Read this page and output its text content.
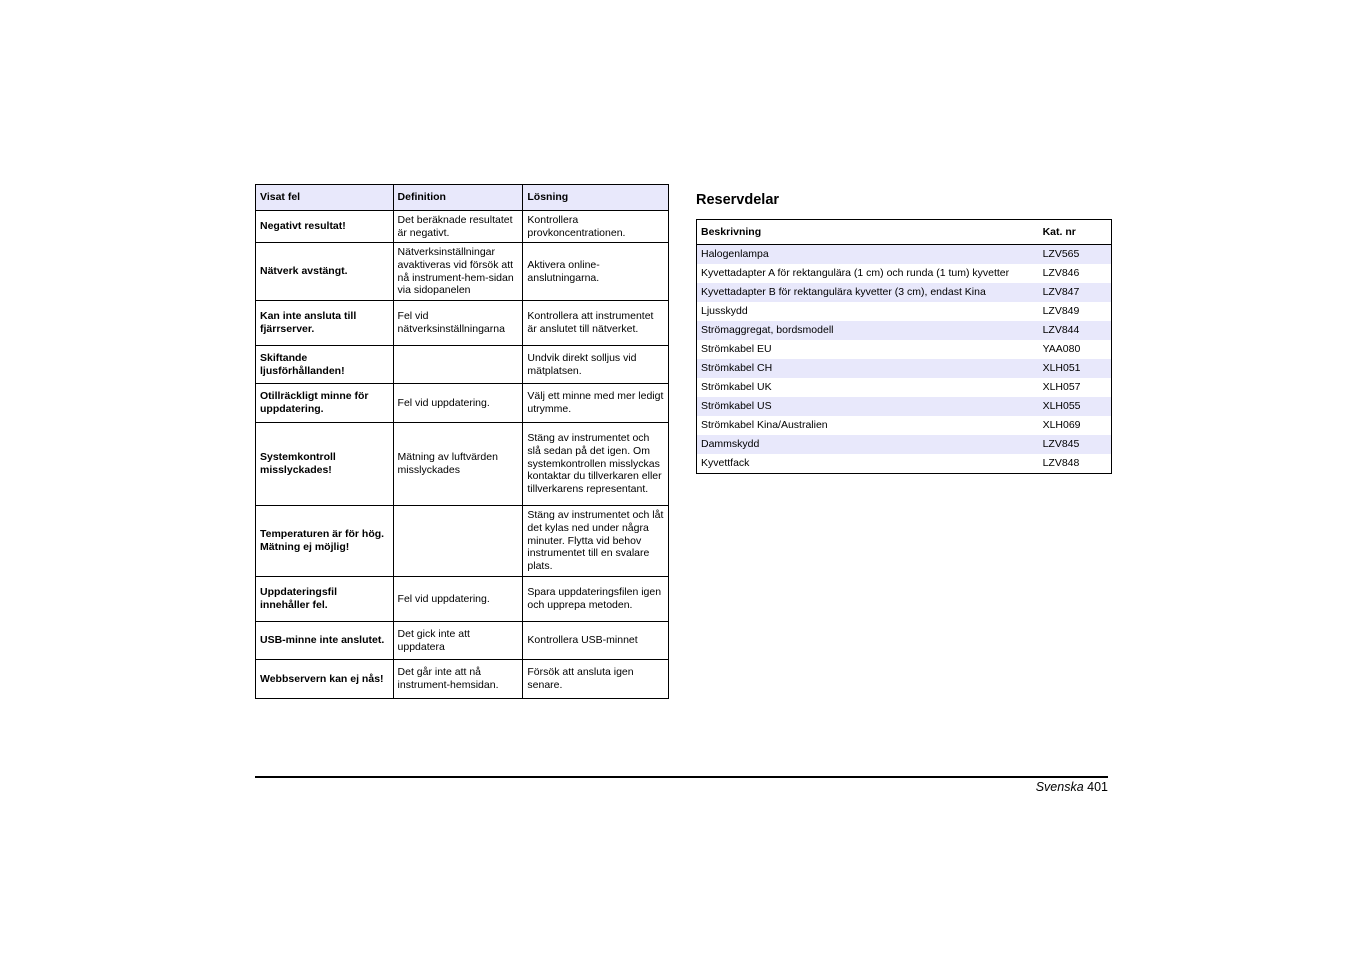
Visat fel	Definition	Lösning
Negativt resultat!	Det beräknade resultatet är negativt.	Kontrollera provkoncentrationen.
Nätverk avstängt.	Nätverksinställningar avaktiveras vid försök att nå instrument-hem-sidan via sidopanelen	Aktivera online-anslutningarna.
Kan inte ansluta till fjärrserver.	Fel vid nätverksinställningarna	Kontrollera att instrumentet är anslutet till nätverket.
Skiftande ljusförhållanden!		Undvik direkt solljus vid mätplatsen.
Otillräckligt minne för uppdatering.	Fel vid uppdatering.	Välj ett minne med mer ledigt utrymme.
Systemkontroll misslyckades!	Mätning av luftvärden misslyckades	Stäng av instrumentet och slå sedan på det igen. Om systemkontrollen misslyckas kontaktar du tillverkaren eller tillverkarens representant.
Temperaturen är för hög. Mätning ej möjlig!		Stäng av instrumentet och låt det kylas ned under några minuter. Flytta vid behov instrumentet till en svalare plats.
Uppdateringsfil innehåller fel.	Fel vid uppdatering.	Spara uppdateringsfilen igen och upprepa metoden.
USB-minne inte anslutet.	Det gick inte att uppdatera	Kontrollera USB-minnet
Webbservern kan ej nås!	Det går inte att nå instrument-hemsidan.	Försök att ansluta igen senare.
Reservdelar
Beskrivning	Kat. nr
Halogenlampa	LZV565
Kyvettadapter A för rektangulära (1 cm) och runda (1 tum) kyvetter	LZV846
Kyvettadapter B för rektangulära kyvetter (3 cm), endast Kina	LZV847
Ljusskydd	LZV849
Strömaggregat, bordsmodell	LZV844
Strömkabel EU	YAA080
Strömkabel CH	XLH051
Strömkabel UK	XLH057
Strömkabel US	XLH055
Strömkabel Kina/Australien	XLH069
Dammskydd	LZV845
Kyvettfack	LZV848
Svenska 401
